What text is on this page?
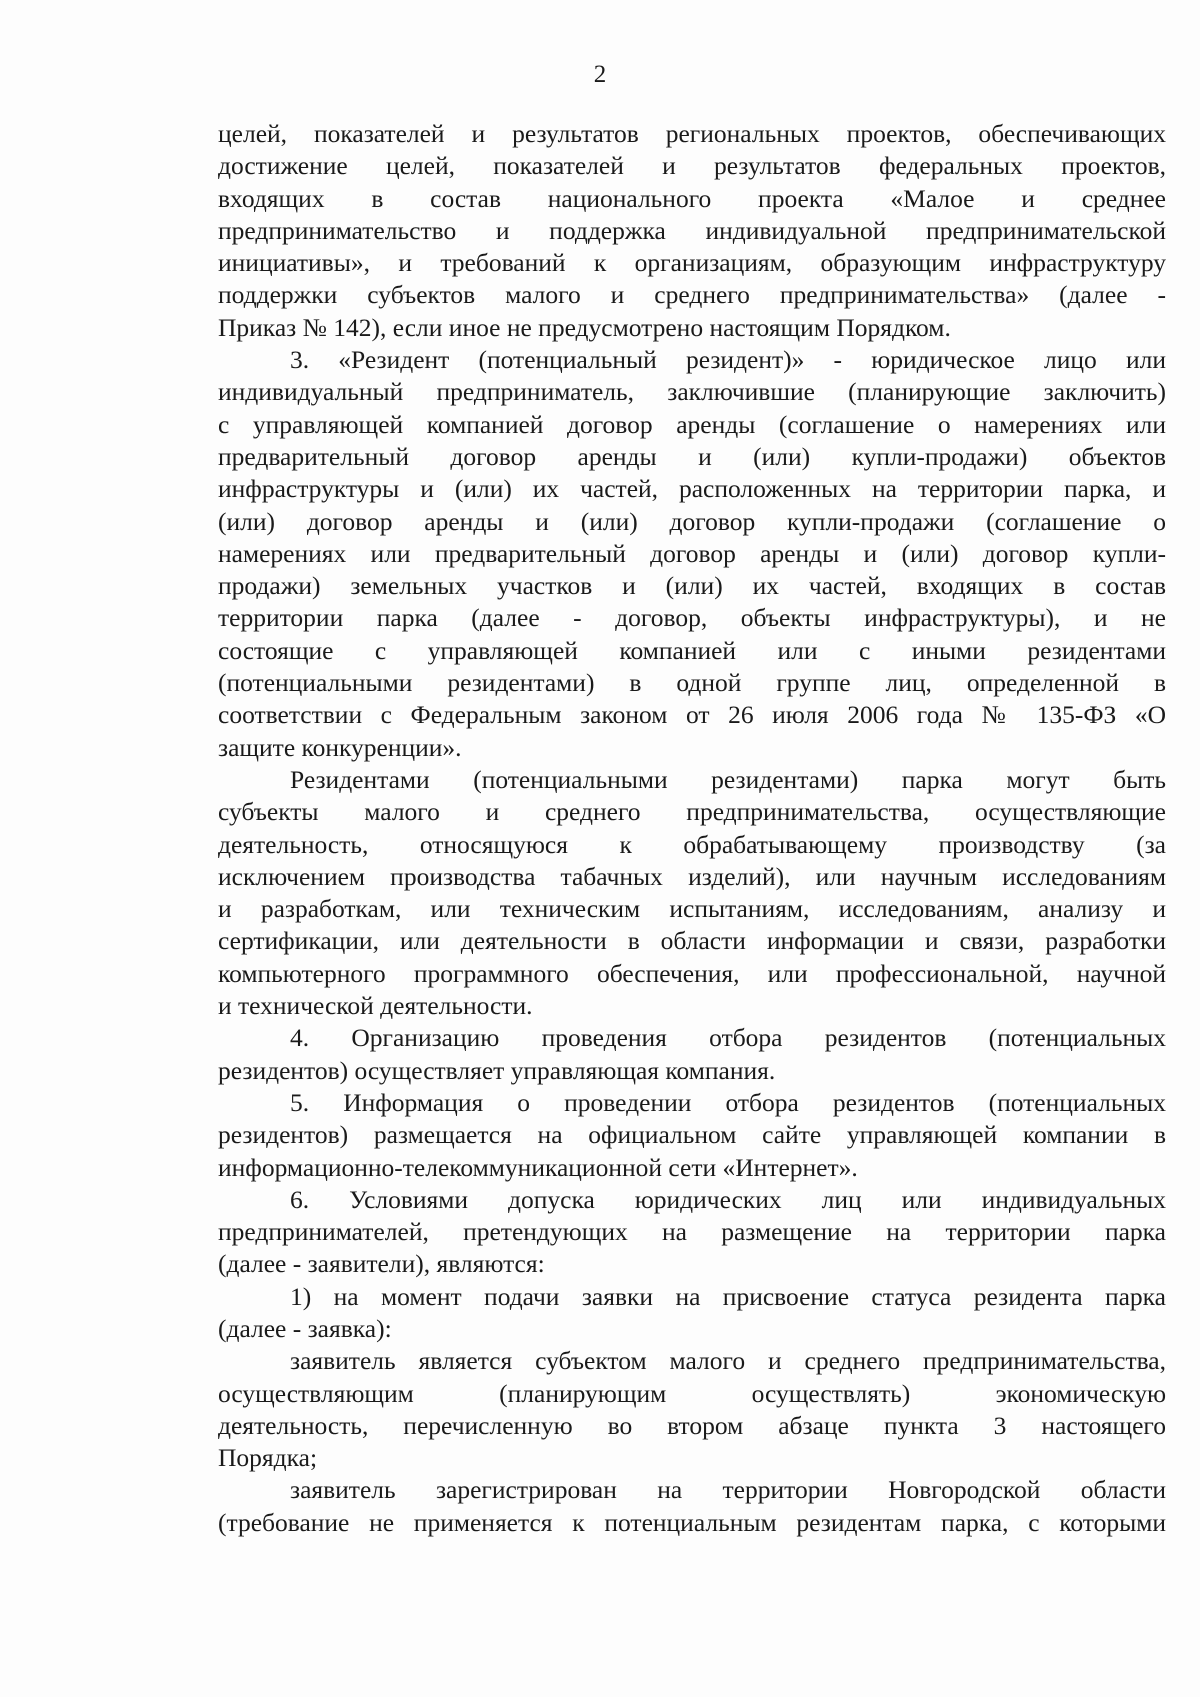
2

целей, показателей и результатов региональных проектов, обеспечивающих

достижение целей, показателей и результатов федеральных проектов,

входящих в состав национального проекта «Малое и среднее

предпринимательство и поддержка индивидуальной предпринимательской

инициативы», и требований к организациям, образующим инфраструктуру

поддержки субъектов малого и среднего предпринимательства» (далее -

Приказ № 142), если иное не предусмотрено настоящим Порядком.

3. «Резидент (потенциальный резидент)» - юридическое лицо или

индивидуальный предприниматель, заключившие (планирующие заключить)

с управляющей компанией договор аренды (соглашение о намерениях или

предварительный договор аренды и (или) купли-продажи) объектов

инфраструктуры и (или) их частей, расположенных на территории парка, и

(или) договор аренды и (или) договор купли-продажи (соглашение о

намерениях или предварительный договор аренды и (или) договор купли-

продажи) земельных участков и (или) их частей, входящих в состав

территории парка (далее - договор, объекты инфраструктуры), и не

состоящие с управляющей компанией или с иными резидентами

(потенциальными резидентами) в одной группе лиц, определенной в

соответствии с Федеральным законом от 26 июля 2006 года № 135-ФЗ «О

защите конкуренции».

Резидентами (потенциальными резидентами) парка могут быть

субъекты малого и среднего предпринимательства, осуществляющие

деятельность, относящуюся к обрабатывающему производству (за

исключением производства табачных изделий), или научным исследованиям

и разработкам, или техническим испытаниям, исследованиям, анализу и

сертификации, или деятельности в области информации и связи, разработки

компьютерного программного обеспечения, или профессиональной, научной

и технической деятельности.

4. Организацию проведения отбора резидентов (потенциальных

резидентов) осуществляет управляющая компания.

5. Информация о проведении отбора резидентов (потенциальных

резидентов) размещается на официальном сайте управляющей компании в

информационно-телекоммуникационной сети «Интернет».

6. Условиями допуска юридических лиц или индивидуальных

предпринимателей, претендующих на размещение на территории парка

(далее - заявители), являются:

1) на момент подачи заявки на присвоение статуса резидента парка

(далее - заявка):

заявитель является субъектом малого и среднего предпринимательства,

осуществляющим (планирующим осуществлять) экономическую

деятельность, перечисленную во втором абзаце пункта 3 настоящего

Порядка;

заявитель зарегистрирован на территории Новгородской области

(требование не применяется к потенциальным резидентам парка, с которыми
